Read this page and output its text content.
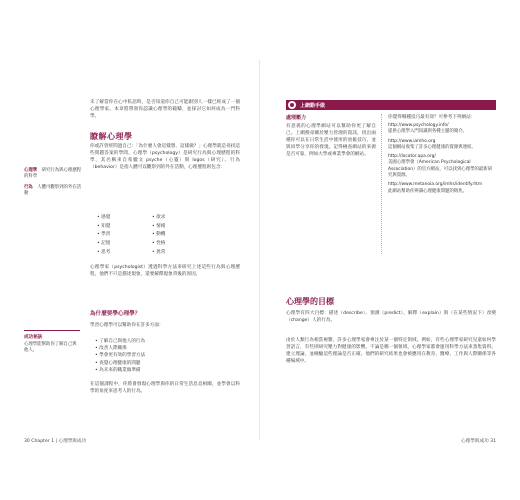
未了解當你在心中私語時，是否知道你自己可能跟別人一樣已經成了一個心理學家。本章將帶領你認識心理學的範疇，並探討它如何成為一門科學。

瞭解心理學

你或許曾經問過自己：「為什麼人會這樣想、這樣做？」心理學就是尋找這些問題答案的學問。心理學（psychology）是研究行為與心理歷程的科學，其名稱來自希臘文 psyche（心靈）與 logos（研究）。行為（behavior）是指人體可以觀察到的外在活動，心理歷程則包含：

心理學 研究行為與心理歷程的科學
行為 人體可觀察到的外在活動
• 感覺	• 欲求
• 知覺	• 情緒
• 學習	• 動機
• 記憶	• 性格
• 思考	• 異常

心理學家（psychologist）透過科學方法來研究上述這些行為與心理歷程，他們不只是描述現象，還要解釋現象背後的原因。

為什麼要學心理學？

學習心理學可以幫助你在許多方面：

• 了解自己與他人的行為
• 改善人際關係
• 學會更有效的學習方法
• 查覺心理健康的問題
• 為未來的職業做準備

在這個課程中，你將會發現心理學與你的日常生活息息相關，並學會以科學的角度來思考人的行為。

成功秘訣
心理學能幫助你了解自己與他人。
30 Chapter 1 | 心理學與成功
上網動手做
處理壓力

有意義的心理學網站可以幫助你更了解自己。上網搜尋關於壓力管理的資訊，找出兩種你可以在日常生活中使用的放鬆技巧，並與同學分享你的發現。記得檢查網站的來源是否可靠，例如大學或專業學會的網站。

你覺得哪種技巧最有效？可參考下列網站：
http://www.psychology.info/
提供心理學入門知識與各種主題的簡介。
http://www.iamho.org
這個網站收集了許多心理健康的資源與連結。
http://locator.apa.org/
美國心理學會（American Psychological Association）的官方網站，可以找到心理學的最新研究與資源。
http://www.metanoia.org/imhs/identify.htm
此網站幫助你辨識心理健康問題的徵兆。
心理學的目標

心理學有四大目標：描述（describe）、預測（predict）、解釋（explain）與（在某些情況下）改變（change）人的行為。

由於人類行為相當複雜，許多心理學家會專注於某一個特定領域。例如，有些心理學家研究兒童如何學習語言，有些則研究壓力對健康的影響。不論是哪一個領域，心理學家都會運用科學方法來蒸集資料、建立理論，並檢驗這些理論是否正確。他們的研究結果也會被應用在教育、醫療、工作與人際關係等各種場域中。

心理學與成功 31
